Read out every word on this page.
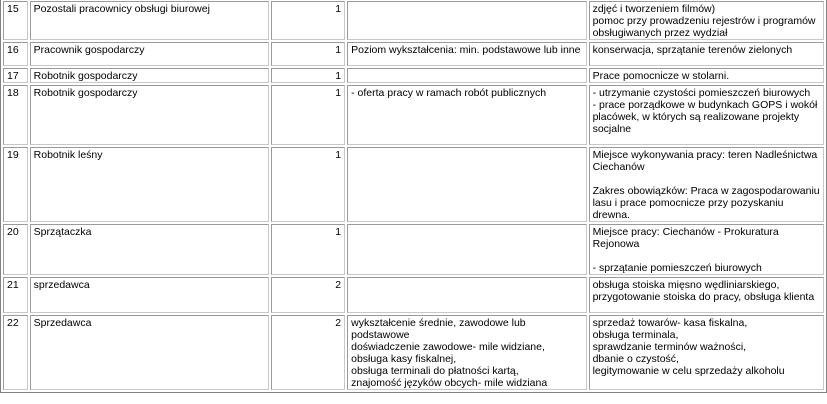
15	Pozostali pracownicy obsługi biurowej	1		zdjęć i tworzeniem filmów)
pomoc przy prowadzeniu rejestrów i programów obsługiwanych przez wydział
16	Pracownik gospodarczy	1	Poziom wykształcenia: min. podstawowe lub inne	konserwacja, sprzątanie terenów zielonych
17	Robotnik gospodarczy	1		Prace pomocnicze w stolarni.
18	Robotnik gospodarczy	1	- oferta pracy w ramach robót publicznych	- utrzymanie czystości pomieszczeń biurowych
- prace porządkowe w budynkach GOPS i wokół placówek, w których są realizowane projekty socjalne
19	Robotnik leśny	1		Miejsce wykonywania pracy: teren Nadleśnictwa Ciechanów

Zakres obowiązków: Praca w zagospodarowaniu lasu i prace pomocnicze przy pozyskaniu drewna.
20	Sprzątaczka	1		Miejsce pracy: Ciechanów - Prokuratura Rejonowa

- sprzątanie pomieszczeń biurowych
21	sprzedawca	2		obsługa stoiska mięsno wędliniarskiego, przygotowanie stoiska do pracy, obsługa klienta
22	Sprzedawca	2	wykształcenie średnie, zawodowe lub podstawowe
doświadczenie zawodowe- mile widziane,
obsługa kasy fiskalnej,
obsługa terminali do płatności kartą,
znajomość języków obcych- mile widziana	sprzedaż towarów- kasa fiskalna,
obsługa terminala,
sprawdzanie terminów ważności,
dbanie o czystość,
legitymowanie w celu sprzedaży alkoholu
